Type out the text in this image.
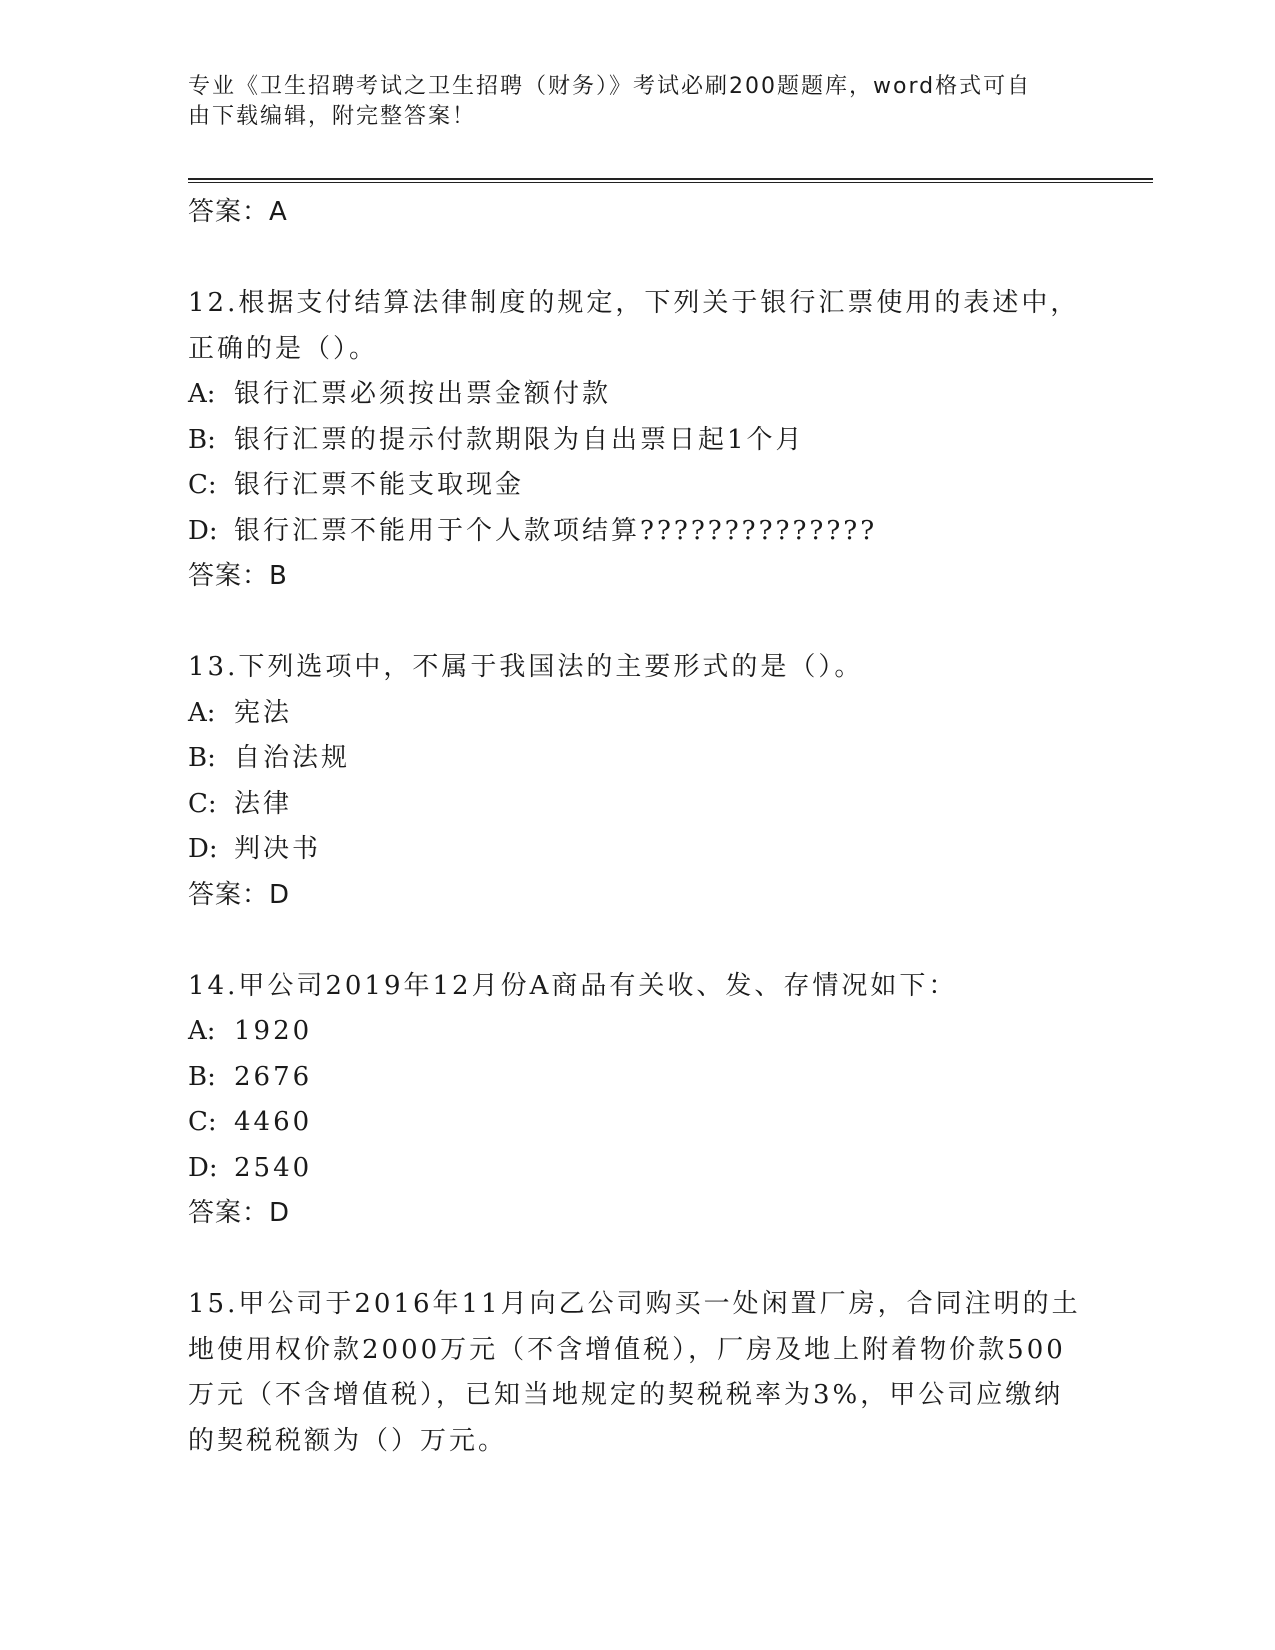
专业《卫生招聘考试之卫生招聘（财务）》考试必刷200题题库，word格式可自
由下载编辑，附完整答案！
答案：A
12.根据支付结算法律制度的规定，下列关于银行汇票使用的表述中，
正确的是（）。
A: 银行汇票必须按出票金额付款
B: 银行汇票的提示付款期限为自出票日起1个月
C: 银行汇票不能支取现金
D: 银行汇票不能用于个人款项结算??????????????
答案：B
13.下列选项中，不属于我国法的主要形式的是（）。
A: 宪法
B: 自治法规
C: 法律
D: 判决书
答案：D
14.甲公司2019年12月份A商品有关收、发、存情况如下：
A: 1920
B: 2676
C: 4460
D: 2540
答案：D
15.甲公司于2016年11月向乙公司购买一处闲置厂房，合同注明的土
地使用权价款2000万元（不含增值税），厂房及地上附着物价款500
万元（不含增值税），已知当地规定的契税税率为3%，甲公司应缴纳
的契税税额为（）万元。
